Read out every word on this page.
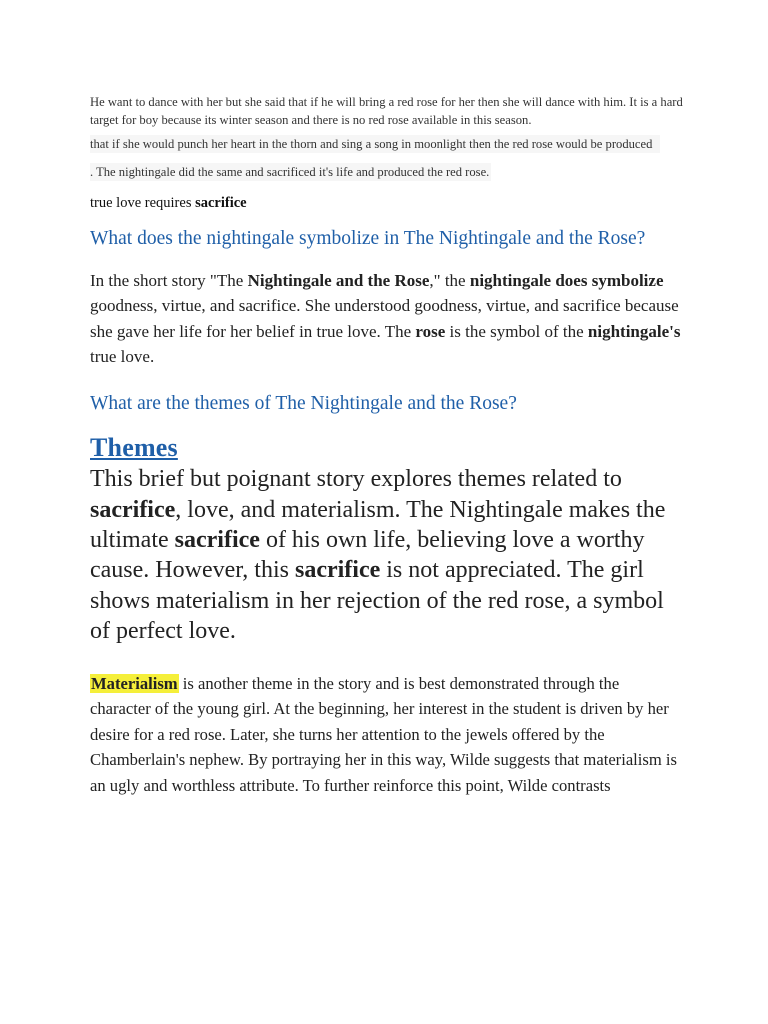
He want to dance with her but she said that if he will bring a red rose for her then she will dance with him. It is a hard target for boy because its winter season and there is no red rose available in this season.

that if she would punch her heart in the thorn and sing a song in moonlight then the red rose would be produced . The nightingale did the same and sacrificed it's life and produced the red rose.
true love requires sacrifice
What does the nightingale symbolize in The Nightingale and the Rose?

In the short story "The Nightingale and the Rose," the nightingale does symbolize goodness, virtue, and sacrifice. She understood goodness, virtue, and sacrifice because she gave her life for her belief in true love. The rose is the symbol of the nightingale's true love.

What are the themes of The Nightingale and the Rose?
Themes

This brief but poignant story explores themes related to sacrifice, love, and materialism. The Nightingale makes the ultimate sacrifice of his own life, believing love a worthy cause. However, this sacrifice is not appreciated. The girl shows materialism in her rejection of the red rose, a symbol of perfect love.

Materialism is another theme in the story and is best demonstrated through the character of the young girl. At the beginning, her interest in the student is driven by her desire for a red rose. Later, she turns her attention to the jewels offered by the Chamberlain's nephew. By portraying her in this way, Wilde suggests that materialism is an ugly and worthless attribute. To further reinforce this point, Wilde contrasts
